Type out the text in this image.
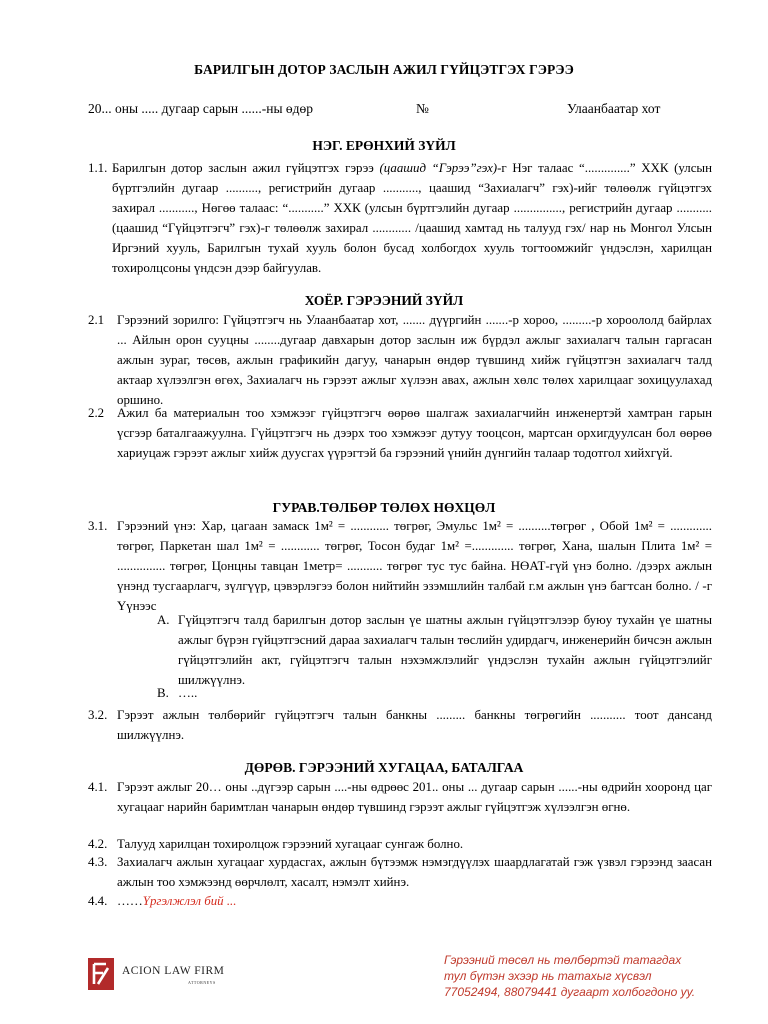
БАРИЛГЫН ДОТОР ЗАСЛЫН АЖИЛ ГҮЙЦЭТГЭХ ГЭРЭЭ
20... оны ..... дугаар сарын ......-ны өдөр	№	Улаанбаатар хот
НЭГ. ЕРӨНХИЙ ЗҮЙЛ
1.1. Барилгын дотор заслын ажил гүйцэтгэх гэрээ (цаашид “Гэрээ”гэх)-г Нэг талаас “..............” ХХК (улсын бүртгэлийн дугаар .........., регистрийн дугаар ..........., цаашид “Захиалагч” гэх)-ийг төлөөлж гүйцэтгэх захирал ..........., Нөгөө талаас: “...........” ХХК (улсын бүртгэлийн дугаар ..............., регистрийн дугаар ........... (цаашид “Гүйцэтгэгч” гэх)-г төлөөлж захирал ............ /цаашид хамтад нь талууд гэх/ нар нь Монгол Улсын Иргэний хууль, Барилгын тухай хууль болон бусад холбогдох хууль тогтоомжийг үндэслэн, харилцан тохиролцсоны үндсэн дээр байгуулав.
ХОЁР. ГЭРЭЭНИЙ ЗҮЙЛ
2.1 Гэрээний зорилго: Гүйцэтгэгч нь Улаанбаатар хот, ....... дүүргийн .......-р хороо, .........-р хороололд байрлах ... Айлын орон сууцны ........дугаар давхарын дотор заслын иж бүрдэл ажлыг захиалагч талын гаргасан ажлын зураг, төсөв, ажлын графикийн дагуу, чанарын өндөр түвшинд хийж гүйцэтгэн захиалагч талд актаар хүлээлгэн өгөх, Захиалагч нь гэрээт ажлыг хүлээн авах, ажлын хөлс төлөх харилцааг зохицуулахад оршино.
2.2 Ажил ба материалын тоо хэмжээг гүйцэтгэгч өөрөө шалгаж захиалагчийн инженертэй хамтран гарын үсгээр баталгаажуулна. Гүйцэтгэгч нь дээрх тоо хэмжээг дутуу тооцсон, мартсан орхигдуулсан бол өөрөө хариуцаж гэрээт ажлыг хийж дуусгах үүрэгтэй ба гэрээний үнийн дүнгийн талаар тодотгол хийхгүй.
ГУРАВ.ТӨЛБӨР ТӨЛӨХ НӨХЦӨЛ
3.1. Гэрээний үнэ: Хар, цагаан замаск 1м² = ............ төгрөг, Эмульс 1м² = ..........төгрөг , Обой 1м² = ............. төгрөг, Паркетан шал 1м² = ............ төгрөг, Тосон будаг 1м² =............. төгрөг, Хана, шалын Плита 1м² = ............... төгрөг, Цонцны тавцан 1метр= ........... төгрөг тус тус байна. НӨАТ-гүй үнэ болно. /дээрх ажлын үнэнд тусгаарлагч, зүлгүүр, цэвэрлэгээ болон нийтийн эзэмшлийн талбай г.м ажлын үнэ багтсан болно. / -г Үүнээс
A. Гүйцэтгэгч талд барилгын дотор заслын үе шатны ажлын гүйцэтгэлээр буюу тухайн үе шатны ажлыг бүрэн гүйцэтгэсний дараа захиалагч талын төслийн удирдагч, инженерийн бичсэн ажлын гүйцэтгэлийн акт, гүйцэтгэгч талын нэхэмжлэлийг үндэслэн тухайн ажлын гүйцэтгэлийг шилжүүлнэ.
B. …..
3.2. Гэрээт ажлын төлбөрийг гүйцэтгэгч талын банкны ......... банкны төгрөгийн ........... тоот дансанд шилжүүлнэ.
ДӨРӨВ. ГЭРЭЭНИЙ ХУГАЦАА, БАТАЛГАА
4.1. Гэрээт ажлыг 20… оны ..дүгээр сарын ....-ны өдрөөс 201.. оны ... дугаар сарын ......-ны өдрийн хооронд цаг хугацааг нарийн баримтлан чанарын өндөр түвшинд гэрээт ажлыг гүйцэтгэж хүлээлгэн өгнө.
4.2. Талууд харилцан тохиролцож гэрээний хугацааг сунгаж болно.
4.3. Захиалагч ажлын хугацааг хурдасгах, ажлын бүтээмж нэмэгдүүлэх шаардлагатай гэж үзвэл гэрээнд заасан ажлын тоо хэмжээнд өөрчлөлт, хасалт, нэмэлт хийнэ.
4.4. ……Үргэлжлэл бий ...
ACION LAW FIRM
ATTORNEYS
Гэрээний төсөл нь төлбөртэй татагдах
тул бүтэн эхээр нь татахыг хүсвэл
77052494, 88079441 дугаарт холбогдоно уу.
